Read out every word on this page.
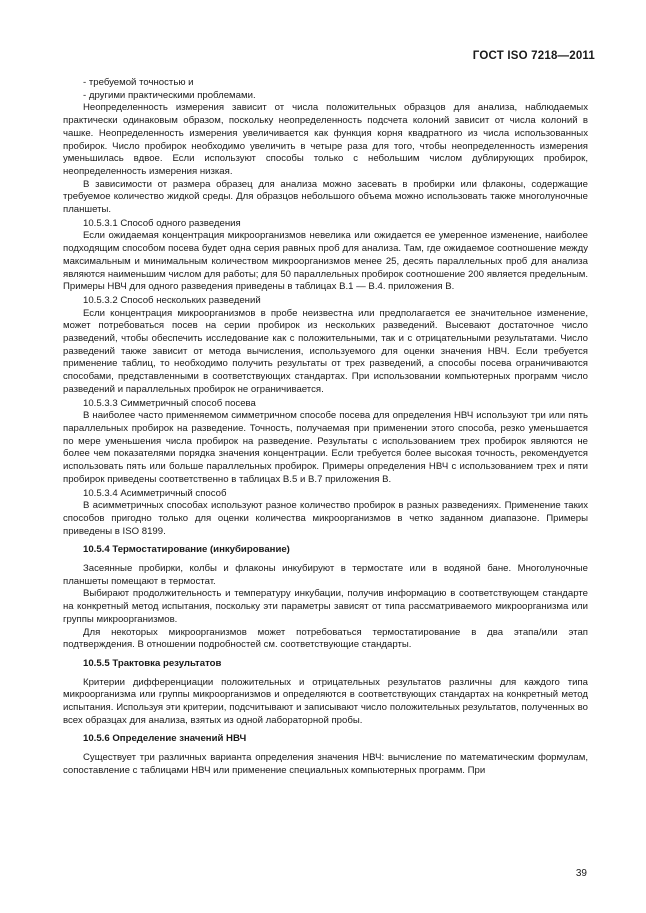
ГОСТ ISO 7218—2011

- требуемой точностью и

- другими практическими проблемами.

Неопределенность измерения зависит от числа положительных образцов для анализа, наблюдаемых практически одинаковым образом, поскольку неопределенность подсчета колоний зависит от числа колоний в чашке. Неопределенность измерения увеличивается как функция корня квадратного из числа использованных пробирок. Число пробирок необходимо увеличить в четыре раза для того, чтобы неопределенность измерения уменьшилась вдвое. Если используют способы только с небольшим числом дублирующих пробирок, неопределенность измерения низкая.

В зависимости от размера образец для анализа можно засевать в пробирки или флаконы, содержащие требуемое количество жидкой среды. Для образцов небольшого объема можно использовать также многолуночные планшеты.

10.5.3.1 Способ одного разведения

Если ожидаемая концентрация микроорганизмов невелика или ожидается ее умеренное изменение, наиболее подходящим способом посева будет одна серия равных проб для анализа. Там, где ожидаемое соотношение между максимальным и минимальным количеством микроорганизмов менее 25, десять параллельных проб для анализа являются наименьшим числом для работы; для 50 параллельных пробирок соотношение 200 является предельным. Примеры НВЧ для одного разведения приведены в таблицах В.1 — В.4. приложения В.

10.5.3.2 Способ нескольких разведений

Если концентрация микроорганизмов в пробе неизвестна или предполагается ее значительное изменение, может потребоваться посев на серии пробирок из нескольких разведений. Высевают достаточное число разведений, чтобы обеспечить исследование как с положительными, так и с отрицательными результатами. Число разведений также зависит от метода вычисления, используемого для оценки значения НВЧ. Если требуется применение таблиц, то необходимо получить результаты от трех разведений, а способы посева ограничиваются способами, представленными в соответствующих стандартах. При использовании компьютерных программ число разведений и параллельных пробирок не ограничивается.

10.5.3.3 Симметричный способ посева

В наиболее часто применяемом симметричном способе посева для определения НВЧ используют три или пять параллельных пробирок на разведение. Точность, получаемая при применении этого способа, резко уменьшается по мере уменьшения числа пробирок на разведение. Результаты с использованием трех пробирок являются не более чем показателями порядка значения концентрации. Если требуется более высокая точность, рекомендуется использовать пять или больше параллельных пробирок. Примеры определения НВЧ с использованием трех и пяти пробирок приведены соответственно в таблицах В.5 и В.7 приложения В.

10.5.3.4 Асимметричный способ

В асимметричных способах используют разное количество пробирок в разных разведениях. Применение таких способов пригодно только для оценки количества микроорганизмов в четко заданном диапазоне. Примеры приведены в ISO 8199.

10.5.4 Термостатирование (инкубирование)

Засеянные пробирки, колбы и флаконы инкубируют в термостате или в водяной бане. Многолуночные планшеты помещают в термостат.

Выбирают продолжительность и температуру инкубации, получив информацию в соответствующем стандарте на конкретный метод испытания, поскольку эти параметры зависят от типа рассматриваемого микроорганизма или группы микроорганизмов.

Для некоторых микроорганизмов может потребоваться термостатирование в два этапа/или этап подтверждения. В отношении подробностей см. соответствующие стандарты.

10.5.5 Трактовка результатов

Критерии дифференциации положительных и отрицательных результатов различны для каждого типа микроорганизма или группы микроорганизмов и определяются в соответствующих стандартах на конкретный метод испытания. Используя эти критерии, подсчитывают и записывают число положительных результатов, полученных во всех образцах для анализа, взятых из одной лабораторной пробы.

10.5.6 Определение значений НВЧ

Существует три различных варианта определения значения НВЧ: вычисление по математическим формулам, сопоставление с таблицами НВЧ или применение специальных компьютерных программ. При

39
